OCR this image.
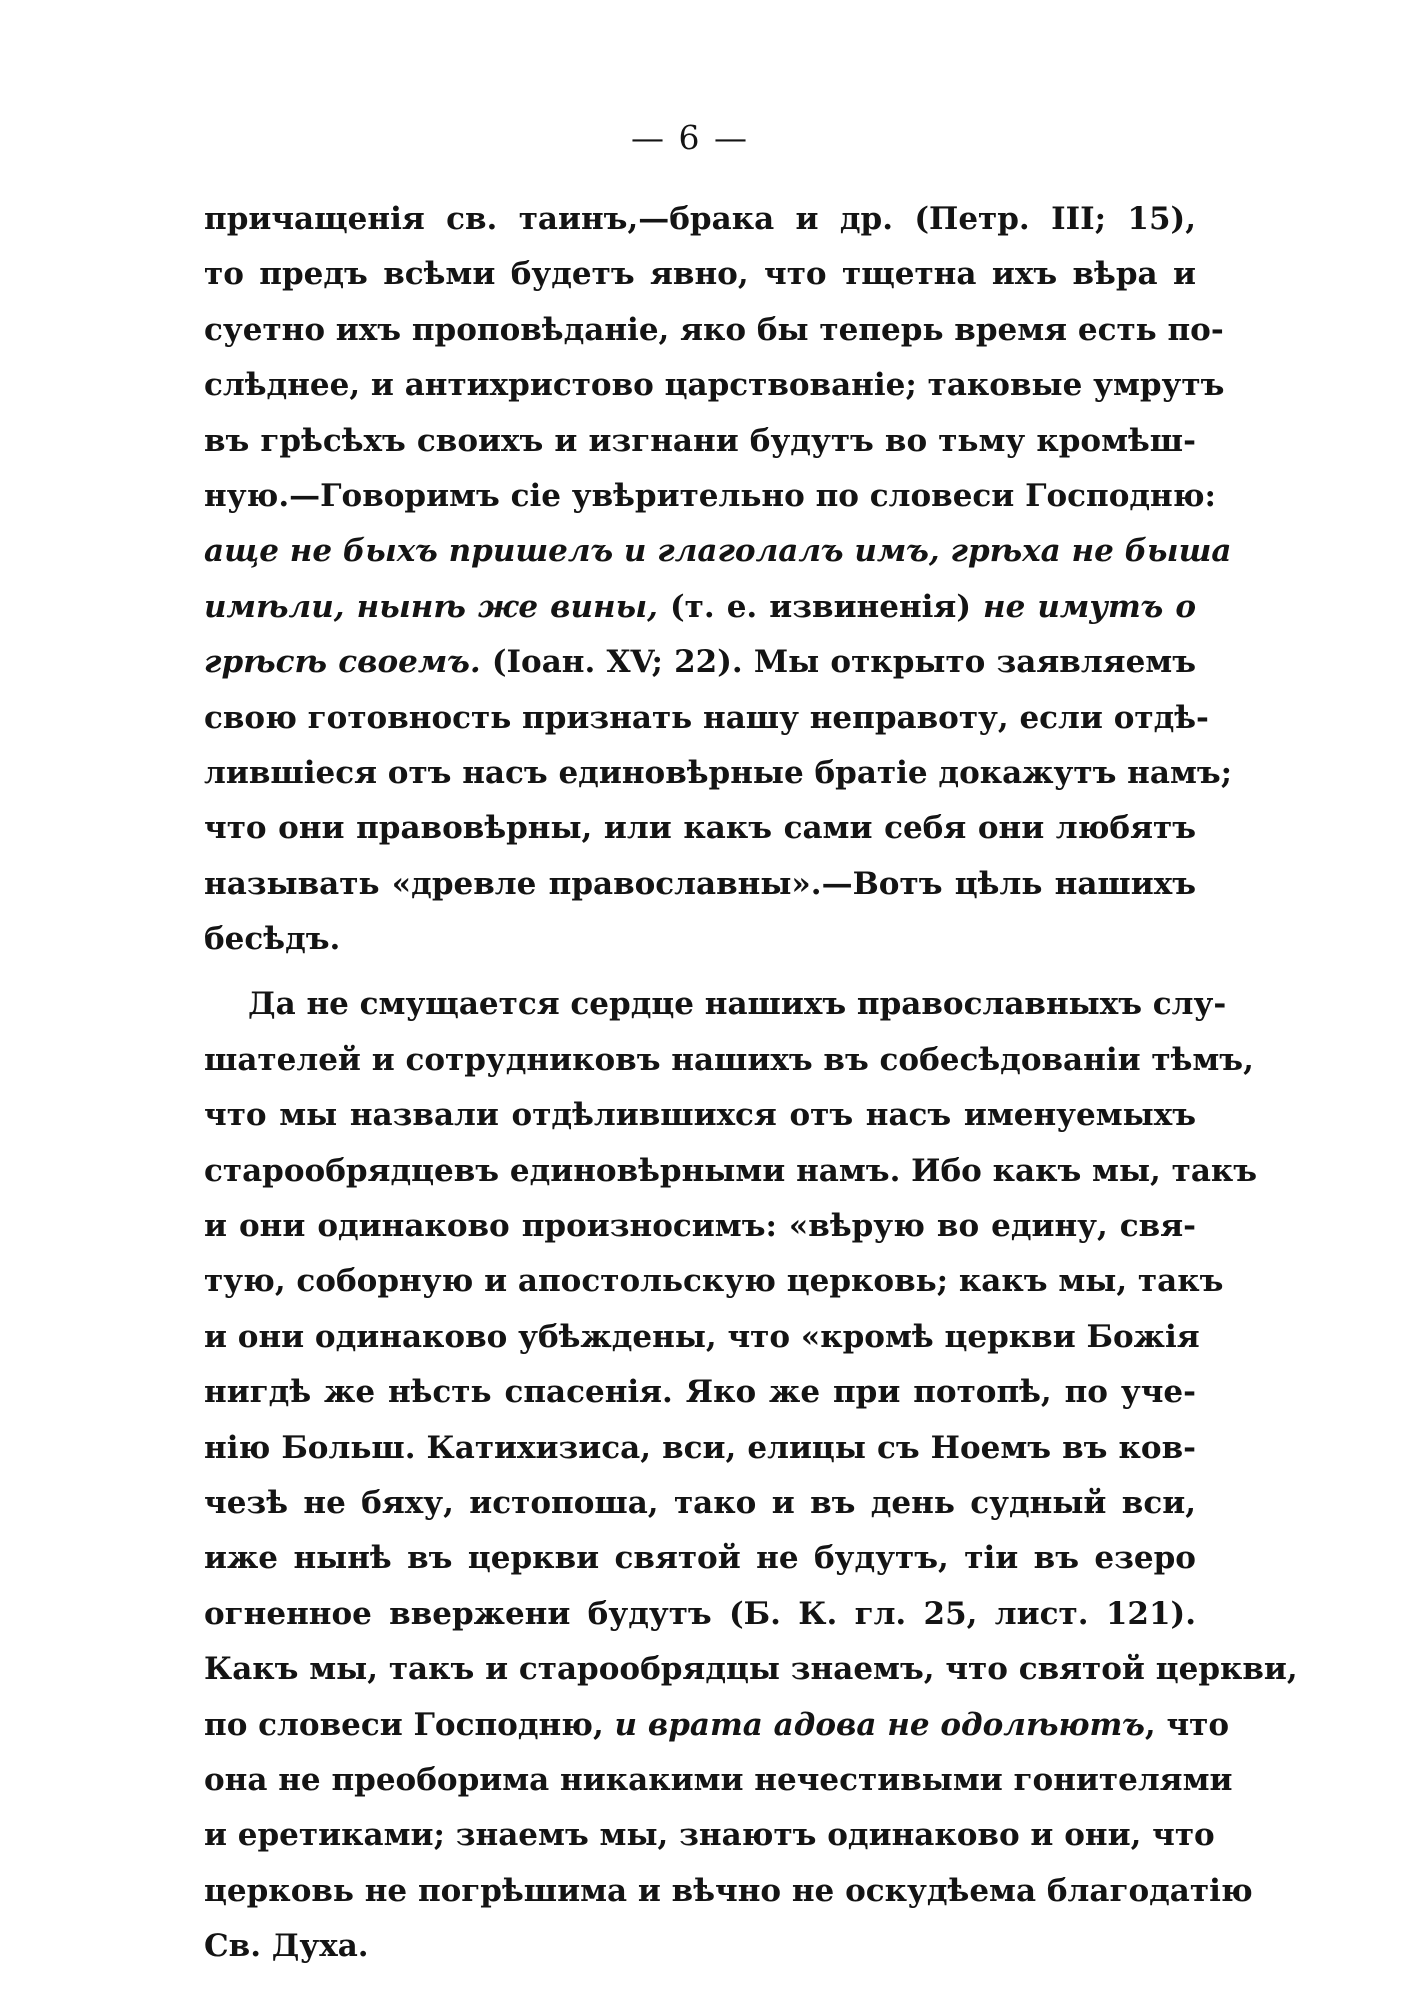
— 6 —
причащенія св. таинъ,—брака и др. (Петр. III; 15),
то предъ всѣми будетъ явно, что тщетна ихъ вѣра и
суетно ихъ проповѣданіе, яко бы теперь время есть по-
слѣднее, и антихристово царствованіе; таковые умрутъ
въ грѣсѣхъ своихъ и изгнани будутъ во тьму кромѣш-
ную.—Говоримъ сіе увѣрительно по словеси Господню:
аще не быхъ пришелъ и глаголалъ имъ, грѣха не быша
имѣли, нынѣ же вины, (т. е. извиненія) не имутъ о
грѣсѣ своемъ. (Іоан. XV; 22). Мы открыто заявляемъ
свою готовность признать нашу неправоту, если отдѣ-
лившіеся отъ насъ единовѣрные братіе докажутъ намъ;
что они правовѣрны, или какъ сами себя они любятъ
называть «древле православны».—Вотъ цѣль нашихъ
бесѣдъ.
Да не смущается сердце нашихъ православныхъ слу-
шателей и сотрудниковъ нашихъ въ собесѣдованіи тѣмъ,
что мы назвали отдѣлившихся отъ насъ именуемыхъ
старообрядцевъ единовѣрными намъ. Ибо какъ мы, такъ
и они одинаково произносимъ: «вѣрую во едину, свя-
тую, соборную и апостольскую церковь; какъ мы, такъ
и они одинаково убѣждены, что «кромѣ церкви Божія
нигдѣ же нѣсть спасенія. Яко же при потопѣ, по уче-
нію Больш. Катихизиса, вси, елицы съ Ноемъ въ ков-
чезѣ не бяху, истопоша, тако и въ день судный вси,
иже нынѣ въ церкви святой не будутъ, тіи въ езеро
огненное ввержени будутъ (Б. К. гл. 25, лист. 121).
Какъ мы, такъ и старообрядцы знаемъ, что святой церкви,
по словеси Господню, и врата адова не одолѣютъ, что
она не преоборима никакими нечестивыми гонителями
и еретиками; знаемъ мы, знаютъ одинаково и они, что
церковь не погрѣшима и вѣчно не оскудѣема благодатію
Св. Духа.
